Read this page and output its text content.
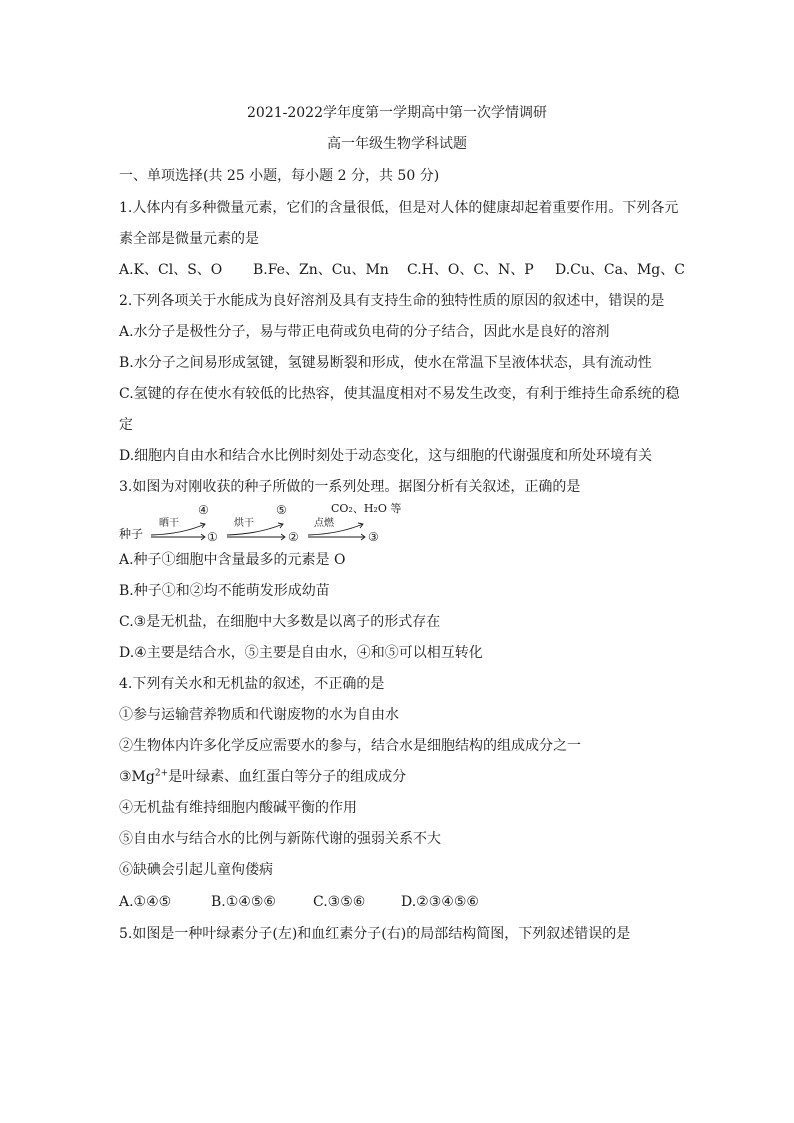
2021-2022学年度第一学期高中第一次学情调研
高一年级生物学科试题
一、单项选择(共 25 小题，每小题 2 分，共 50 分)
1.人体内有多种微量元素，它们的含量很低，但是对人体的健康却起着重要作用。下列各元
素全部是微量元素的是
A.K、Cl、S、O B.Fe、Zn、Cu、Mn C.H、O、C、N、P D.Cu、Ca、Mg、C
2.下列各项关于水能成为良好溶剂及具有支持生命的独特性质的原因的叙述中，错误的是
A.水分子是极性分子，易与带正电荷或负电荷的分子结合，因此水是良好的溶剂
B.水分子之间易形成氢键，氢键易断裂和形成，使水在常温下呈液体状态，具有流动性
C.氢键的存在使水有较低的比热容，使其温度相对不易发生改变，有利于维持生命系统的稳
定
D.细胞内自由水和结合水比例时刻处于动态变化，这与细胞的代谢强度和所处环境有关
3.如图为对刚收获的种子所做的一系列处理。据图分析有关叙述，正确的是
种子
晒干
④
①
烘干
⑤
②
点燃
CO₂、H₂O 等
③
A.种子①细胞中含量最多的元素是 O
B.种子①和②均不能萌发形成幼苗
C.③是无机盐，在细胞中大多数是以离子的形式存在
D.④主要是结合水，⑤主要是自由水，④和⑤可以相互转化
4.下列有关水和无机盐的叙述，不正确的是
①参与运输营养物质和代谢废物的水为自由水
②生物体内许多化学反应需要水的参与，结合水是细胞结构的组成成分之一
$③Mg^{2+}$是叶绿素、血红蛋白等分子的组成成分
④无机盐有维持细胞内酸碱平衡的作用
⑤自由水与结合水的比例与新陈代谢的强弱关系不大
⑥缺碘会引起儿童佝偻病
A.①④⑤	B.①④⑤⑥	C.③⑤⑥	D.②③④⑤⑥
5.如图是一种叶绿素分子(左)和血红素分子(右)的局部结构简图，下列叙述错误的是
